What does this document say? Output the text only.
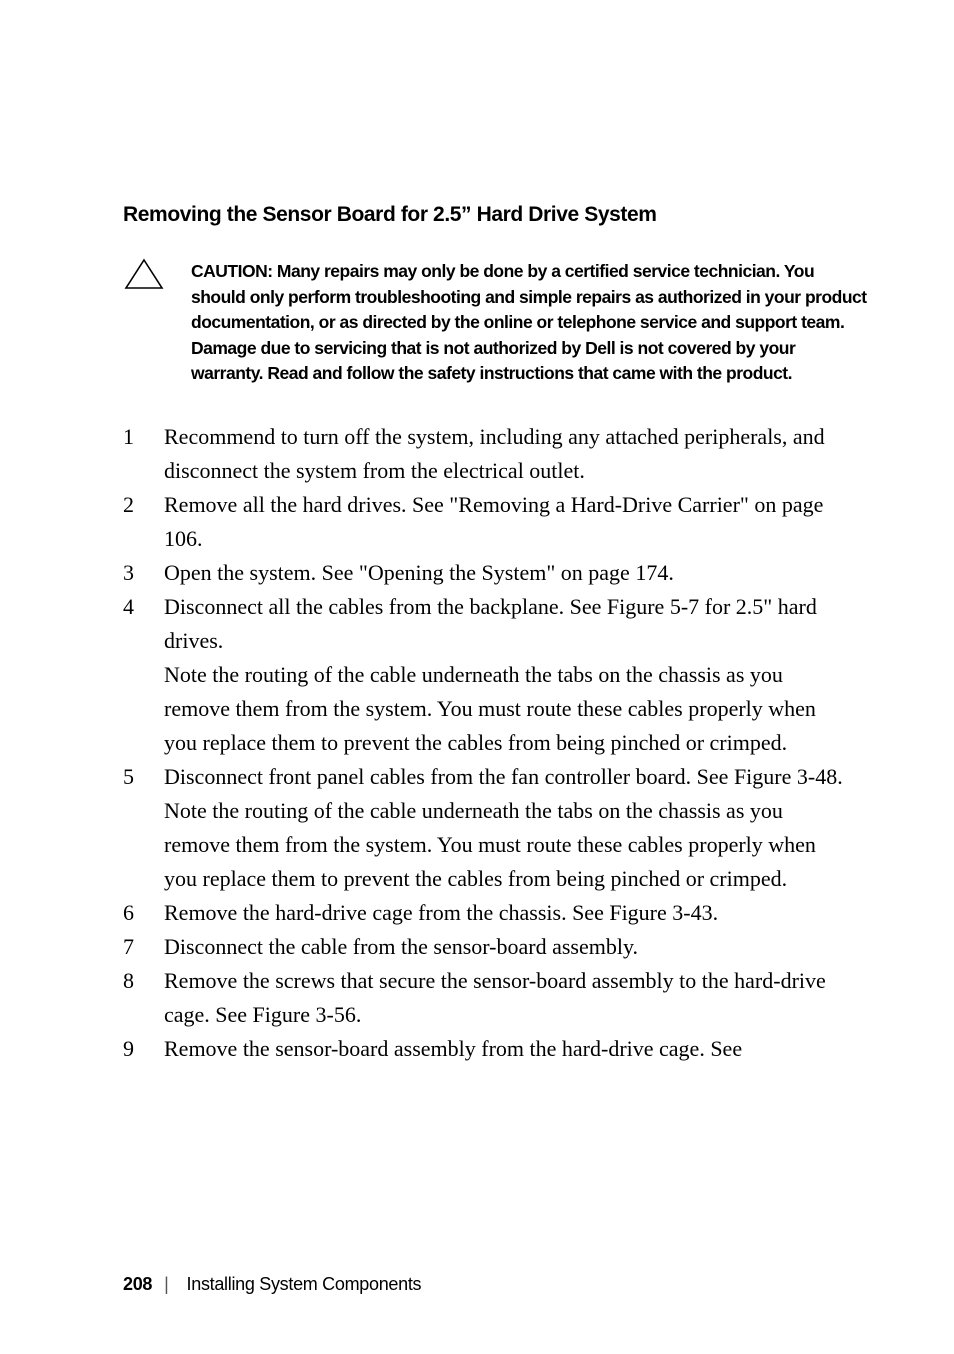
Removing the Sensor Board for 2.5” Hard Drive System

CAUTION: Many repairs may only be done by a certified service technician. You should only perform troubleshooting and simple repairs as authorized in your product documentation, or as directed by the online or telephone service and support team. Damage due to servicing that is not authorized by Dell is not covered by your warranty. Read and follow the safety instructions that came with the product.

1	Recommend to turn off the system, including any attached peripherals, and disconnect the system from the electrical outlet.

2	Remove all the hard drives. See "Removing a Hard-Drive Carrier" on page 106.

3	Open the system. See "Opening the System" on page 174.

4	Disconnect all the cables from the backplane. See Figure 5-7 for 2.5" hard drives.

Note the routing of the cable underneath the tabs on the chassis as you remove them from the system. You must route these cables properly when you replace them to prevent the cables from being pinched or crimped.

5	Disconnect front panel cables from the fan controller board. See Figure 3-48.

Note the routing of the cable underneath the tabs on the chassis as you remove them from the system. You must route these cables properly when you replace them to prevent the cables from being pinched or crimped.

6	Remove the hard-drive cage from the chassis. See Figure 3-43.

7	Disconnect the cable from the sensor-board assembly.

8	Remove the screws that secure the sensor-board assembly to the hard-drive cage. See Figure 3-56.

9	Remove the sensor-board assembly from the hard-drive cage. See

208 | Installing System Components
